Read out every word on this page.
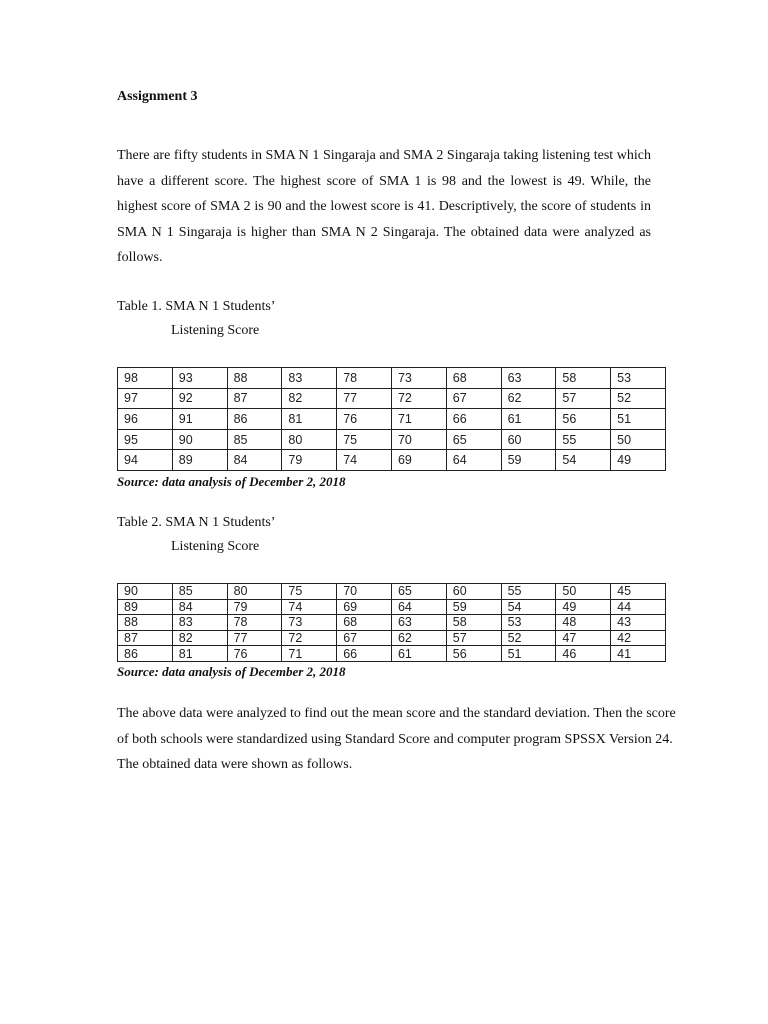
Assignment 3
There are fifty students in SMA N 1 Singaraja and SMA 2 Singaraja taking listening test which have a different score. The highest score of SMA 1 is 98 and the lowest is 49. While, the highest score of SMA 2 is 90 and the lowest score is 41. Descriptively, the score of students in SMA N 1 Singaraja is higher than SMA N 2 Singaraja. The obtained data were analyzed as follows.
Table 1. SMA N 1 Students’
Listening Score
98	93	88	83	78	73	68	63	58	53
97	92	87	82	77	72	67	62	57	52
96	91	86	81	76	71	66	61	56	51
95	90	85	80	75	70	65	60	55	50
94	89	84	79	74	69	64	59	54	49
Source: data analysis of December 2, 2018
Table 2. SMA N 1 Students’
Listening Score
90	85	80	75	70	65	60	55	50	45
89	84	79	74	69	64	59	54	49	44
88	83	78	73	68	63	58	53	48	43
87	82	77	72	67	62	57	52	47	42
86	81	76	71	66	61	56	51	46	41
Source: data analysis of December 2, 2018
The above data were analyzed to find out the mean score and the standard deviation. Then the score of both schools were standardized using Standard Score and computer program SPSSX Version 24. The obtained data were shown as follows.
